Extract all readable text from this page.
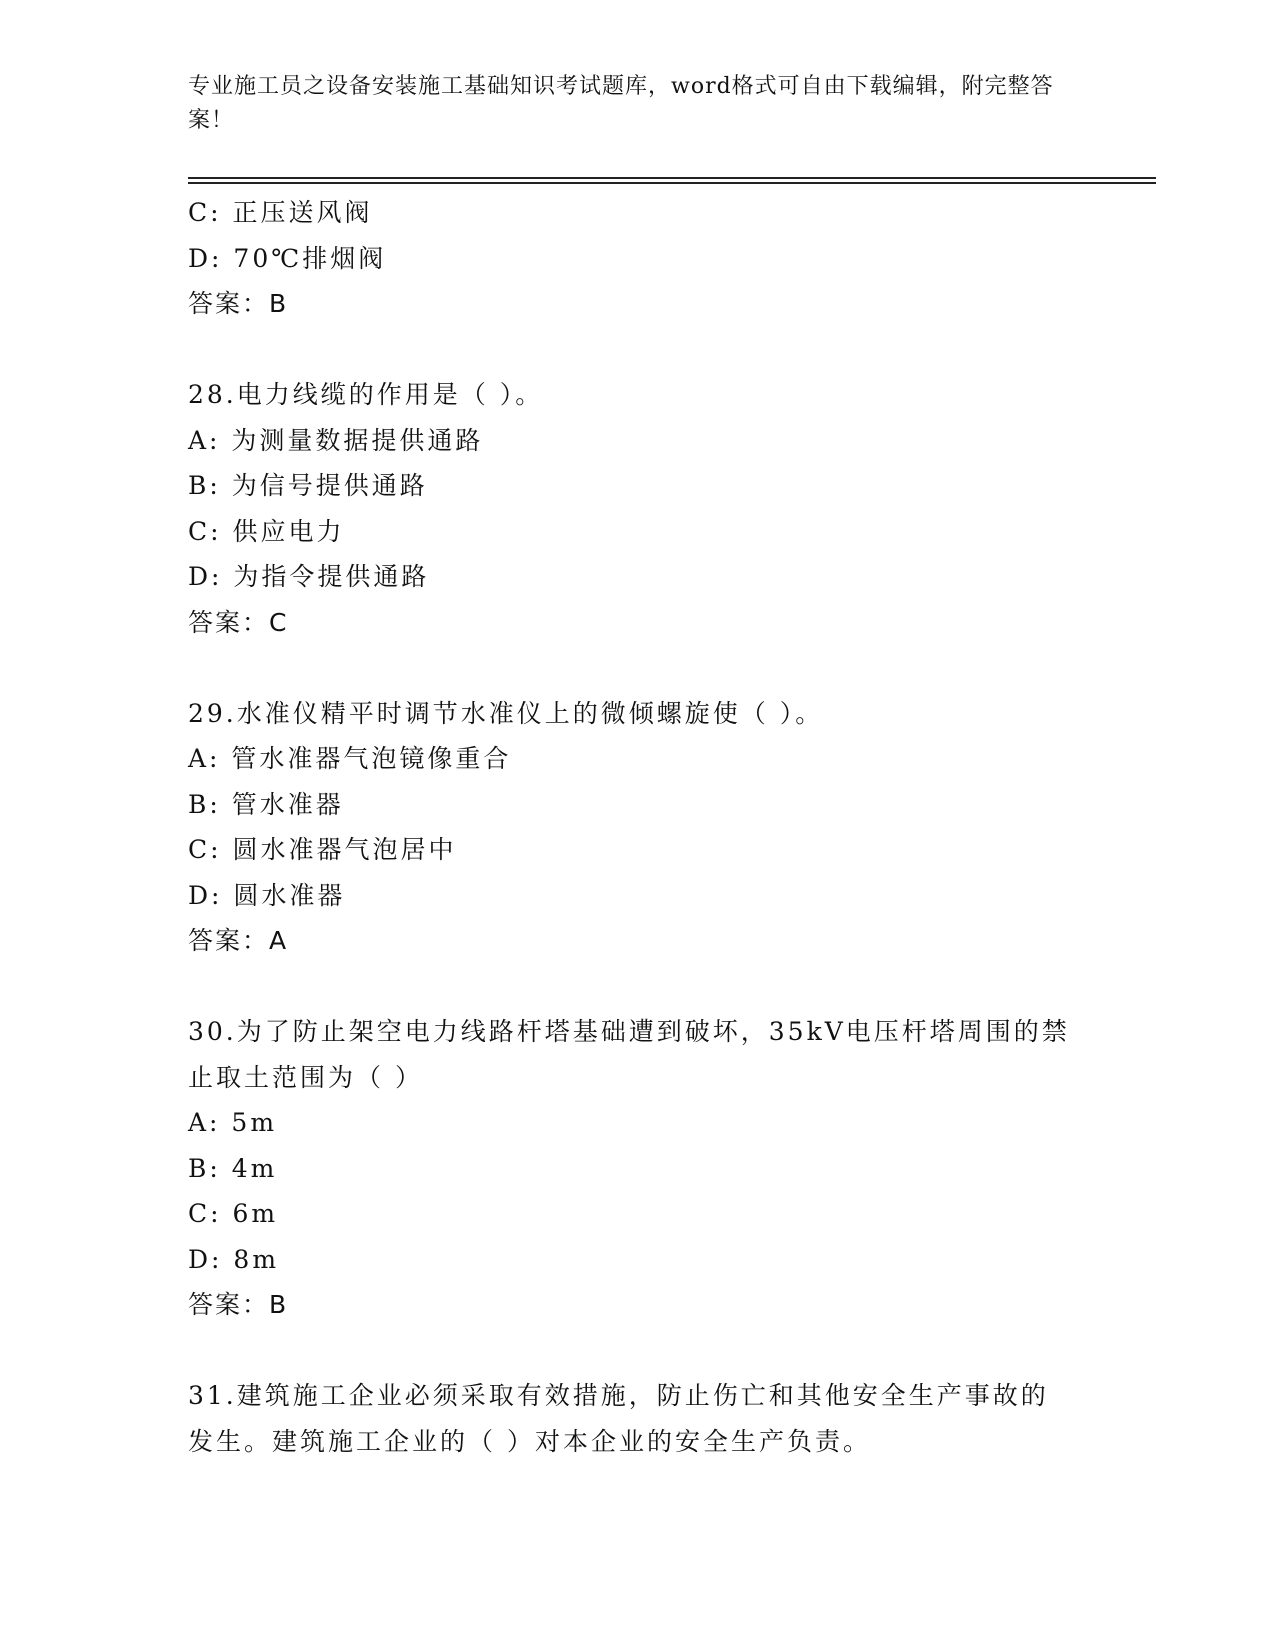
专业施工员之设备安装施工基础知识考试题库，word格式可自由下载编辑，附完整答案！
C: 正压送风阀
D: 70℃排烟阀
答案：B
28.电力线缆的作用是（ ）。
A: 为测量数据提供通路
B: 为信号提供通路
C: 供应电力
D: 为指令提供通路
答案：C
29.水准仪精平时调节水准仪上的微倾螺旋使（ ）。
A: 管水准器气泡镜像重合
B: 管水准器
C: 圆水准器气泡居中
D: 圆水准器
答案：A
30.为了防止架空电力线路杆塔基础遭到破坏，35kV电压杆塔周围的禁
止取土范围为（ ）
A: 5m
B: 4m
C: 6m
D: 8m
答案：B
31.建筑施工企业必须采取有效措施，防止伤亡和其他安全生产事故的
发生。建筑施工企业的（ ）对本企业的安全生产负责。
